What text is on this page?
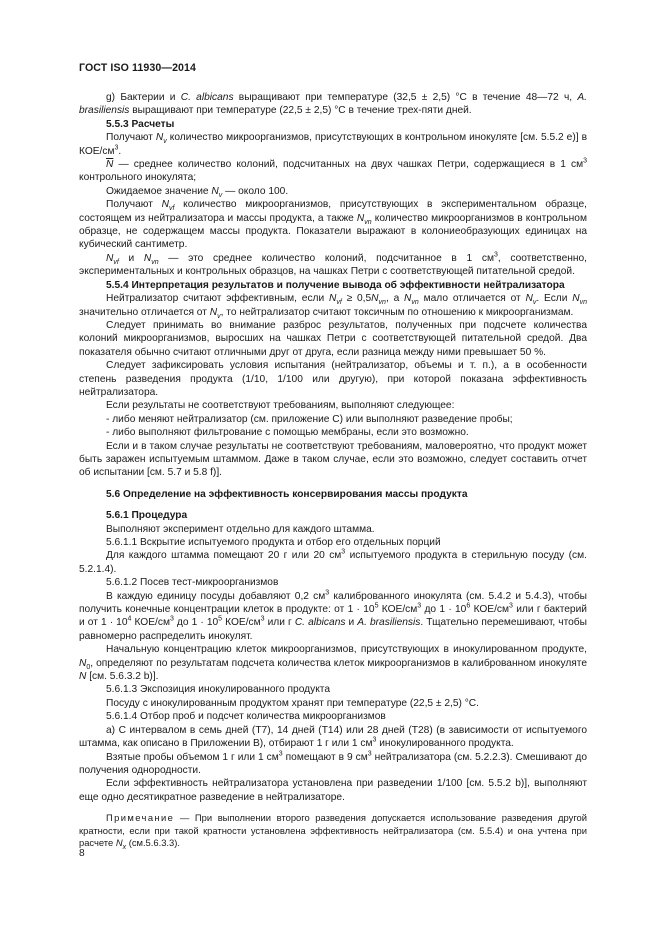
ГОСТ ISO 11930—2014

g) Бактерии и C. albicans выращивают при температуре (32,5 ± 2,5) °С в течение 48—72 ч, A. brasiliensis выращивают при температуре (22,5 ± 2,5) °С в течение трех-пяти дней.

5.5.3 Расчеты

Получают $N_v$ количество микроорганизмов, присутствующих в контрольном инокуляте [см. 5.5.2 е)] в КОЕ/$см^3$.

$\overline{N}$ — среднее количество колоний, подсчитанных на двух чашках Петри, содержащиеся в 1 $см^3$ контрольного инокулята;

Ожидаемое значение $N_v$ — около 100.

Получают $N_{vf}$ количество микроорганизмов, присутствующих в экспериментальном образце, состоящем из нейтрализатора и массы продукта, а также $N_{vn}$ количество микроорганизмов в контрольном образце, не содержащем массы продукта. Показатели выражают в колониеобразующих единицах на кубический сантиметр.

$N_{vf}$ и $N_{vn}$ — это среднее количество колоний, подсчитанное в 1 $см^3$, соответственно, экспериментальных и контрольных образцов, на чашках Петри с соответствующей питательной средой.

5.5.4 Интерпретация результатов и получение вывода об эффективности нейтрализатора

Нейтрализатор считают эффективным, если $N_{vf} \ge 0,5N_{vn}$, а $N_{vn}$ мало отличается от $N_v$. Если $N_{vn}$ значительно отличается от $N_v$, то нейтрализатор считают токсичным по отношению к микроорганизмам.

Следует принимать во внимание разброс результатов, полученных при подсчете количества колоний микроорганизмов, выросших на чашках Петри с соответствующей питательной средой. Два показателя обычно считают отличными друг от друга, если разница между ними превышает 50 %.

Следует зафиксировать условия испытания (нейтрализатор, объемы и т. п.), а в особенности степень разведения продукта (1/10, 1/100 или другую), при которой показана эффективность нейтрализатора.

Если результаты не соответствуют требованиям, выполняют следующее:

- либо меняют нейтрализатор (см. приложение С) или выполняют разведение пробы;

- либо выполняют фильтрование с помощью мембраны, если это возможно.

Если и в таком случае результаты не соответствуют требованиям, маловероятно, что продукт может быть заражен испытуемым штаммом. Даже в таком случае, если это возможно, следует составить отчет об испытании [см. 5.7 и 5.8 f)].

5.6 Определение на эффективность консервирования массы продукта

5.6.1 Процедура

Выполняют эксперимент отдельно для каждого штамма.

5.6.1.1 Вскрытие испытуемого продукта и отбор его отдельных порций

Для каждого штамма помещают 20 г или 20 $см^3$ испытуемого продукта в стерильную посуду (см. 5.2.1.4).

5.6.1.2 Посев тест-микроорганизмов

В каждую единицу посуды добавляют 0,2 $см^3$ калиброванного инокулята (см. 5.4.2 и 5.4.3), чтобы получить конечные концентрации клеток в продукте: от $1 \cdot 10^5$ КОЕ/$см^3$ до $1 \cdot 10^6$ КОЕ/$см^3$ или г бактерий и от $1 \cdot 10^4$ КОЕ/$см^3$ до $1 \cdot 10^5$ КОЕ/$см^3$ или г C. albicans и A. brasiliensis. Тщательно перемешивают, чтобы равномерно распределить инокулят.

Начальную концентрацию клеток микроорганизмов, присутствующих в инокулированном продукте, $N_0$, определяют по результатам подсчета количества клеток микроорганизмов в калиброванном инокуляте N [см. 5.6.3.2 b)].

5.6.1.3 Экспозиция инокулированного продукта

Посуду с инокулированным продуктом хранят при температуре (22,5 ± 2,5) °С.

5.6.1.4 Отбор проб и подсчет количества микроорганизмов

а) С интервалом в семь дней (Т7), 14 дней (Т14) или 28 дней (Т28) (в зависимости от испытуемого штамма, как описано в Приложении В), отбирают 1 г или 1 $см^3$ инокулированного продукта.

Взятые пробы объемом 1 г или 1 $см^3$ помещают в 9 $см^3$ нейтрализатора (см. 5.2.2.3). Смешивают до получения однородности.

Если эффективность нейтрализатора установлена при разведении 1/100 [см. 5.5.2 b)], выполняют еще одно десятикратное разведение в нейтрализаторе.

Примечание — При выполнении второго разведения допускается использование разведения другой кратности, если при такой кратности установлена эффективность нейтрализатора (см. 5.5.4) и она учтена при расчете $N_x$ (см.5.6.3.3).

8
